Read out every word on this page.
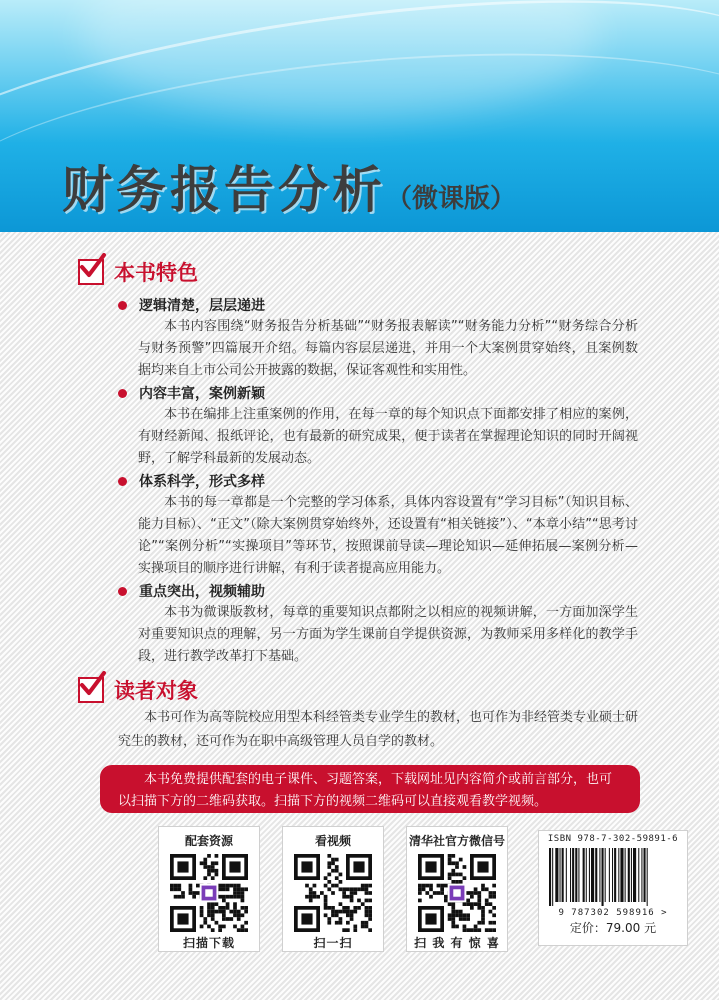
财务报告分析（微课版）
本书特色
逻辑清楚，层层递进
本书内容围绕“财务报告分析基础”“财务报表解读”“财务能力分析”“财务综合分析与财务预警”四篇展开介绍。每篇内容层层递进，并用一个大案例贯穿始终，且案例数据均来自上市公司公开披露的数据，保证客观性和实用性。
内容丰富，案例新颖
本书在编排上注重案例的作用，在每一章的每个知识点下面都安排了相应的案例，有财经新闻、报纸评论，也有最新的研究成果，便于读者在掌握理论知识的同时开阔视野，了解学科最新的发展动态。
体系科学，形式多样
本书的每一章都是一个完整的学习体系，具体内容设置有“学习目标”（知识目标、能力目标）、“正文”（除大案例贯穿始终外，还设置有“相关链接”）、“本章小结”“思考讨论”“案例分析”“实操项目”等环节，按照课前导读—理论知识—延伸拓展—案例分析—实操项目的顺序进行讲解，有利于读者提高应用能力。
重点突出，视频辅助
本书为微课版教材，每章的重要知识点都附之以相应的视频讲解，一方面加深学生对重要知识点的理解，另一方面为学生课前自学提供资源，为教师采用多样化的教学手段，进行教学改革打下基础。
读者对象
本书可作为高等院校应用型本科经管类专业学生的教材，也可作为非经管类专业硕士研究生的教材，还可作为在职中高级管理人员自学的教材。
本书免费提供配套的电子课件、习题答案，下载网址见内容简介或前言部分，也可以扫描下方的二维码获取。扫描下方的视频二维码可以直接观看教学视频。
配套资源
扫描下载
看视频
扫一扫
清华社官方微信号
扫 我 有 惊 喜
ISBN 978-7-302-59891-6
9 787302 598916 >
定价：79.00 元
